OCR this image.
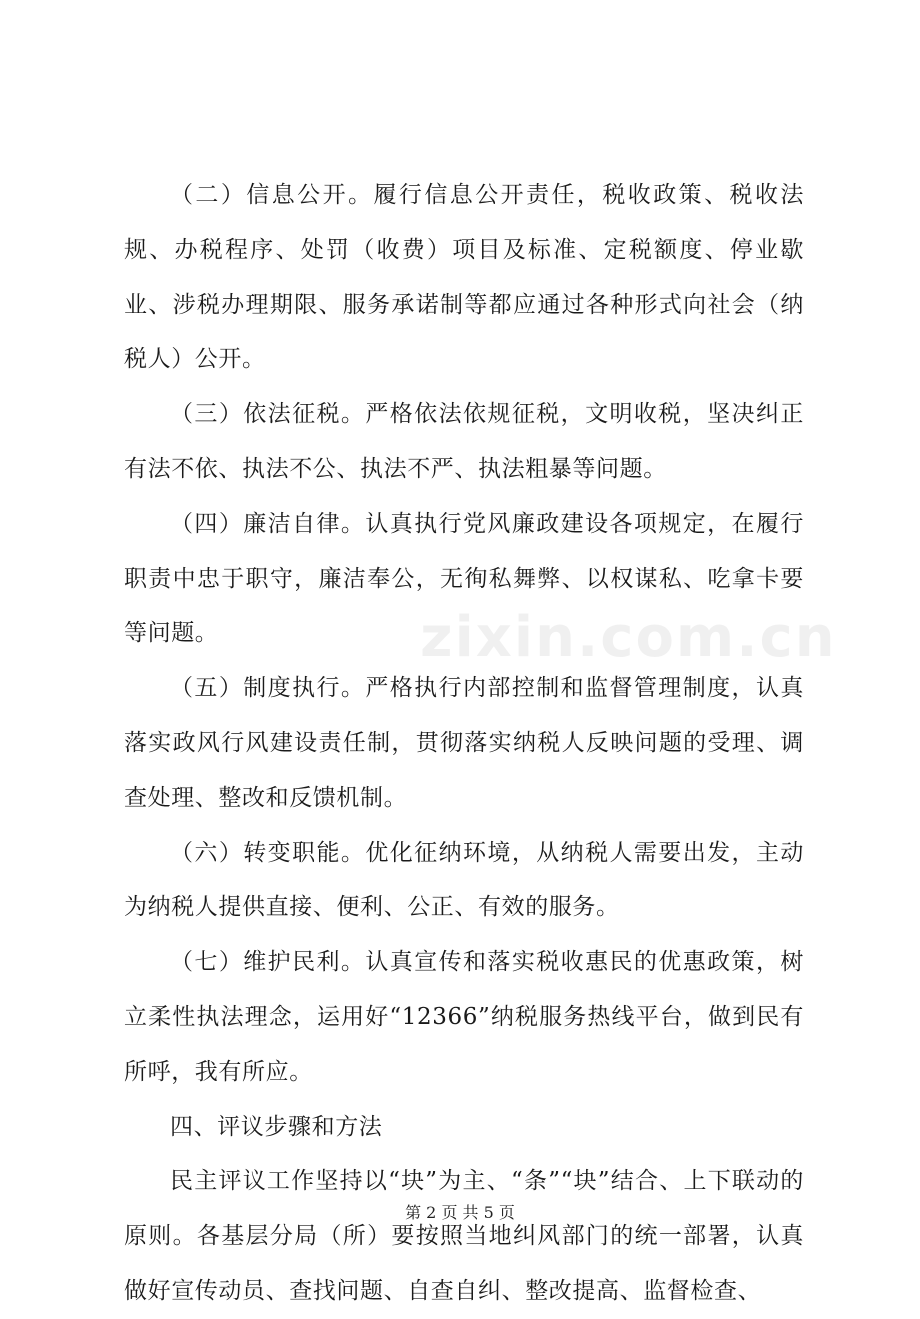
zixin.com.cn

（二）信息公开。履行信息公开责任，税收政策、税收法规、办税程序、处罚（收费）项目及标准、定税额度、停业歇业、涉税办理期限、服务承诺制等都应通过各种形式向社会（纳税人）公开。

（三）依法征税。严格依法依规征税，文明收税，坚决纠正有法不依、执法不公、执法不严、执法粗暴等问题。

（四）廉洁自律。认真执行党风廉政建设各项规定，在履行职责中忠于职守，廉洁奉公，无徇私舞弊、以权谋私、吃拿卡要等问题。

（五）制度执行。严格执行内部控制和监督管理制度，认真落实政风行风建设责任制，贯彻落实纳税人反映问题的受理、调查处理、整改和反馈机制。

（六）转变职能。优化征纳环境，从纳税人需要出发，主动为纳税人提供直接、便利、公正、有效的服务。

（七）维护民利。认真宣传和落实税收惠民的优惠政策，树立柔性执法理念，运用好“12366”纳税服务热线平台，做到民有所呼，我有所应。

四、评议步骤和方法

民主评议工作坚持以“块”为主、“条”“块”结合、上下联动的原则。各基层分局（所）要按照当地纠风部门的统一部署，认真做好宣传动员、查找问题、自查自纠、整改提高、监督检查、

第 2 页 共 5 页
